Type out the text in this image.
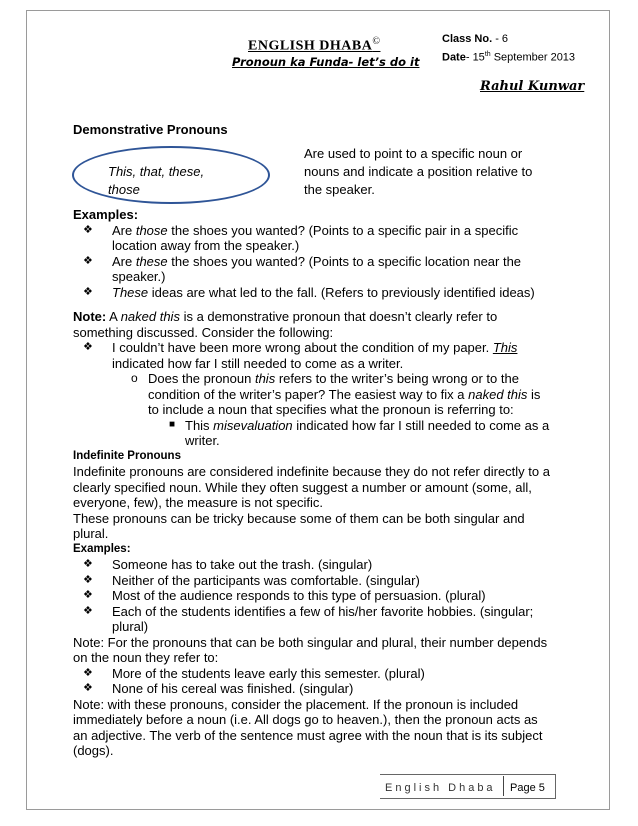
ENGLISH DHABA©
Pronoun ka Funda- let’s do it
Class No. - 6
Date- 15th September 2013
Rahul Kunwar
Demonstrative Pronouns
This, that, these, those
Are used to point to a specific noun or nouns and indicate a position relative to the speaker.

Examples:

❖ Are those the shoes you wanted? (Points to a specific pair in a specific location away from the speaker.)
❖ Are these the shoes you wanted? (Points to a specific location near the speaker.)
❖ These ideas are what led to the fall. (Refers to previously identified ideas)

Note: A naked this is a demonstrative pronoun that doesn’t clearly refer to something discussed. Consider the following:

❖ I couldn’t have been more wrong about the condition of my paper. This indicated how far I still needed to come as a writer.
o Does the pronoun this refers to the writer’s being wrong or to the condition of the writer’s paper? The easiest way to fix a naked this is to include a noun that specifies what the pronoun is referring to:
■ This misevaluation indicated how far I still needed to come as a writer.

Indefinite Pronouns

Indefinite pronouns are considered indefinite because they do not refer directly to a clearly specified noun. While they often suggest a number or amount (some, all, everyone, few), the measure is not specific.

These pronouns can be tricky because some of them can be both singular and plural.

Examples:

❖ Someone has to take out the trash. (singular)
❖ Neither of the participants was comfortable. (singular)
❖ Most of the audience responds to this type of persuasion. (plural)
❖ Each of the students identifies a few of his/her favorite hobbies. (singular; plural)

Note: For the pronouns that can be both singular and plural, their number depends on the noun they refer to:

❖ More of the students leave early this semester. (plural)
❖ None of his cereal was finished. (singular)

Note: with these pronouns, consider the placement. If the pronoun is included immediately before a noun (i.e. All dogs go to heaven.), then the pronoun acts as an adjective. The verb of the sentence must agree with the noun that is its subject (dogs).

English Dhaba Page 5
